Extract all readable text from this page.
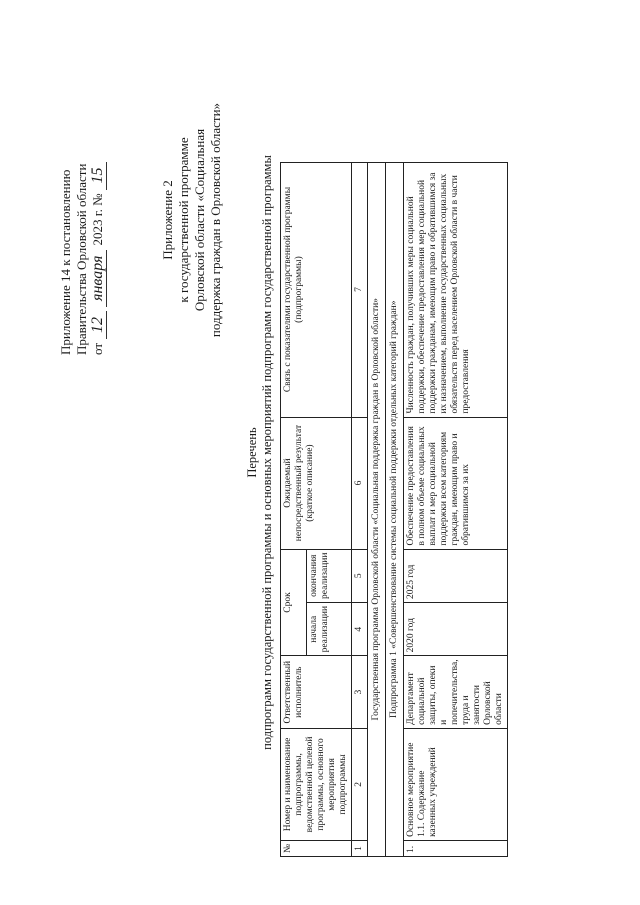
Приложение 14 к постановлению Правительства Орловской области от
12
января
2023 г. №
15
Приложение 2 к государственной программе Орловской области «Социальная поддержка граждан в Орловской области»
Перечень подпрограмм государственной программы и основных мероприятий подпрограмм государственной программы
№	Номер и наименование подпрограммы, ведомственной целевой программы, основного мероприятия подпрограммы	Ответственный исполнитель	Срок		Ожидаемый непосредственный результат (краткое описание)	Связь с показателями государственной программы (подпрограммы)
			начала реализации	окончания реализации		
1	2	3	4	5	6	7
Государственная программа Орловской области «Социальная поддержка граждан в Орловской области»						
Подпрограмма 1 «Совершенствование системы социальной поддержки отдельных категорий граждан»						
1.	Основное мероприятие 1.1. Содержание казенных учреждений	Департамент социальной защиты, опеки и попечительства, труда и занятости Орловской области	2020 год	2025 год	Обеспечение предоставления в полном объеме социальных выплат и мер социальной поддержки всем категориям граждан, имеющим право и обратившимся за их	Численность граждан, получивших меры социальной поддержки, обеспечение предоставления мер социальной поддержки гражданам, имеющим право и обратившимся за их назначением, выполнение государственных социальных обязательств перед населением Орловской области в части предоставления
